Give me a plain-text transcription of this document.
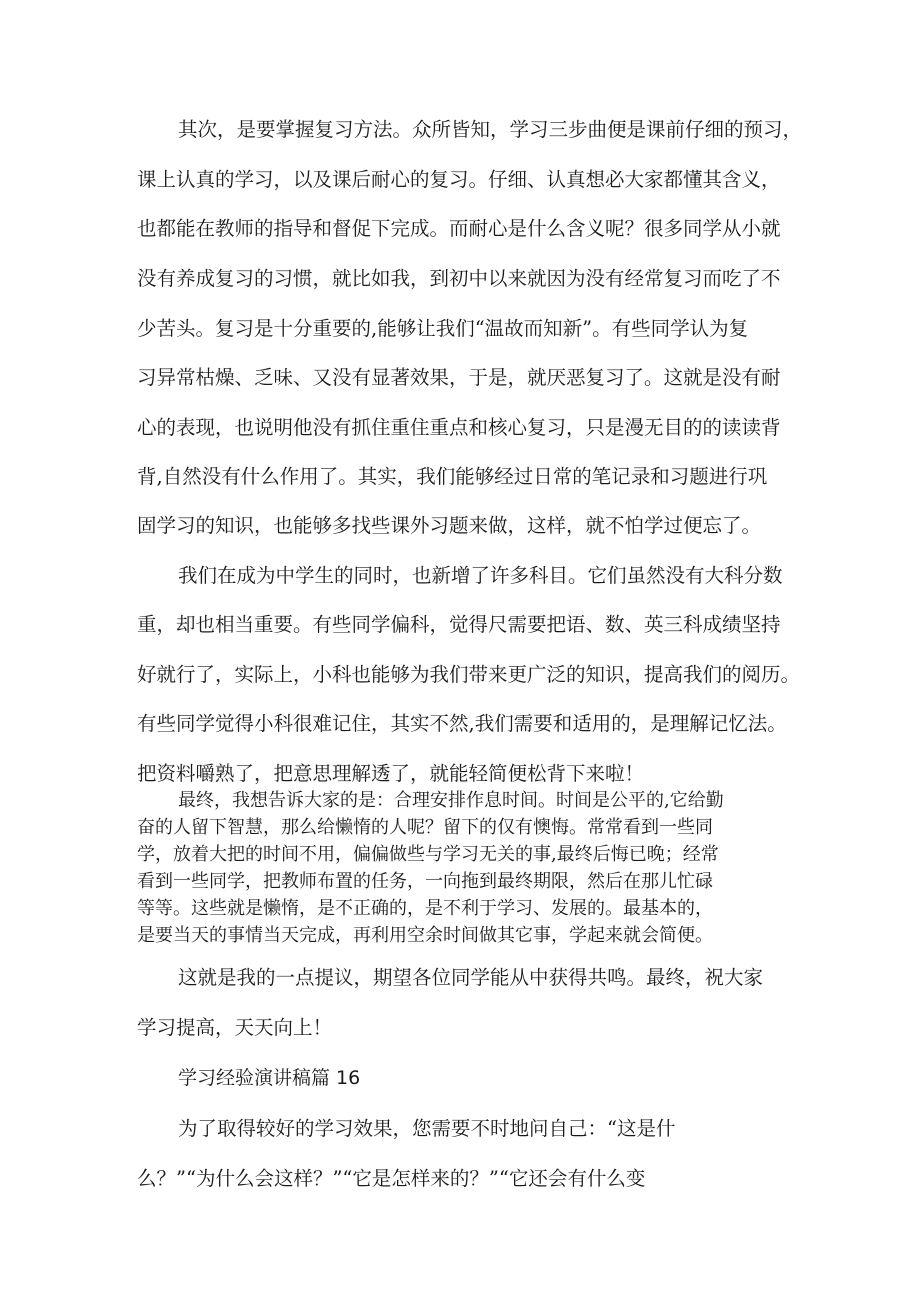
其次，是要掌握复习方法。众所皆知，学习三步曲便是课前仔细的预习，
课上认真的学习，以及课后耐心的复习。仔细、认真想必大家都懂其含义，
也都能在教师的指导和督促下完成。而耐心是什么含义呢？很多同学从小就
没有养成复习的习惯，就比如我，到初中以来就因为没有经常复习而吃了不
少苦头。复习是十分重要的,能够让我们“温故而知新”。有些同学认为复
习异常枯燥、乏味、又没有显著效果，于是，就厌恶复习了。这就是没有耐
心的表现，也说明他没有抓住重住重点和核心复习，只是漫无目的的读读背
背,自然没有什么作用了。其实，我们能够经过日常的笔记录和习题进行巩
固学习的知识，也能够多找些课外习题来做，这样，就不怕学过便忘了。
我们在成为中学生的同时，也新增了许多科目。它们虽然没有大科分数
重，却也相当重要。有些同学偏科，觉得尺需要把语、数、英三科成绩坚持
好就行了，实际上，小科也能够为我们带来更广泛的知识，提高我们的阅历。
有些同学觉得小科很难记住，其实不然,我们需要和适用的，是理解记忆法。
把资料嚼熟了，把意思理解透了，就能轻简便松背下来啦！
最终，我想告诉大家的是：合理安排作息时间。时间是公平的,它给勤
奋的人留下智慧，那么给懒惰的人呢？留下的仅有懊悔。常常看到一些同
学，放着大把的时间不用，偏偏做些与学习无关的事,最终后悔已晚；经常
看到一些同学，把教师布置的任务，一向拖到最终期限，然后在那儿忙碌
等等。这些就是懒惰，是不正确的，是不利于学习、发展的。最基本的，
是要当天的事情当天完成，再利用空余时间做其它事，学起来就会简便。
这就是我的一点提议，期望各位同学能从中获得共鸣。最终，祝大家
学习提高，天天向上！
学习经验演讲稿篇 16
为了取得较好的学习效果，您需要不时地问自己：“这是什
么？”“为什么会这样？”“它是怎样来的？”“它还会有什么变
